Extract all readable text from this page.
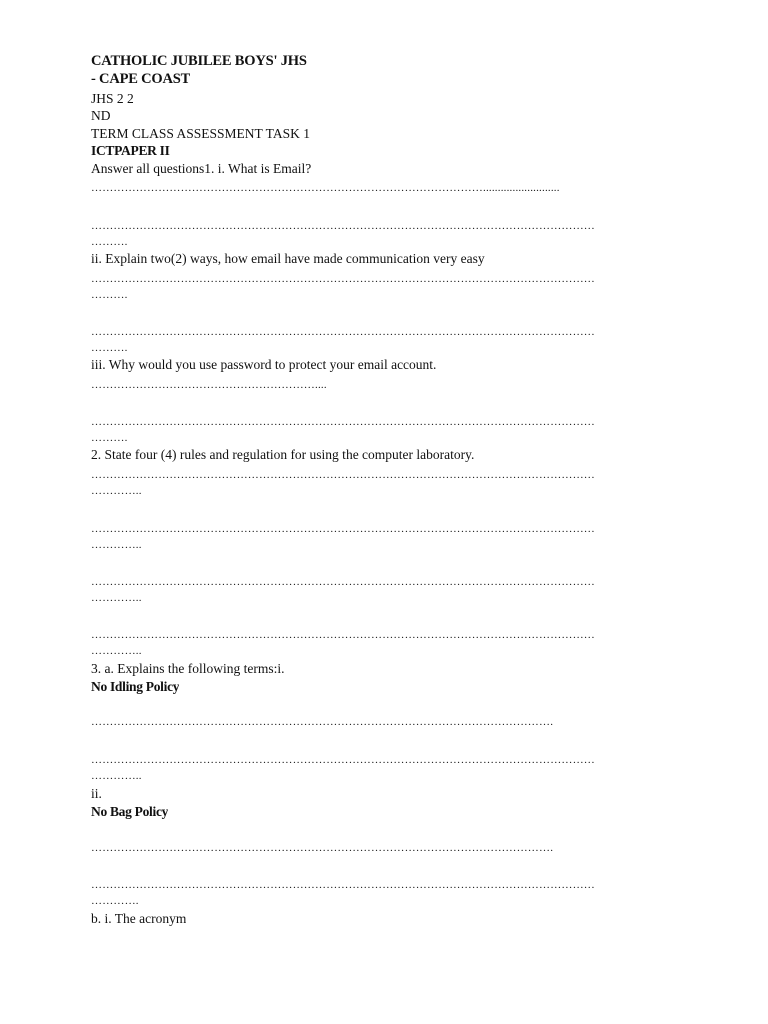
CATHOLIC JUBILEE BOYS' JHS
- CAPE COAST
JHS 2 2
ND
TERM CLASS ASSESSMENT TASK 1
ICTPAPER II
Answer all questions1. i. What is Email?
……………………………………………………………………………………………..........................
………………………………………………………………………………………………………………………
……….
ii. Explain two(2) ways, how email have made communication very easy
………………………………………………………………………………………………………………………
……….
………………………………………………………………………………………………………………………
……….
iii. Why would you use password to protect your email account.
……………………………………………………....
………………………………………………………………………………………………………………………
……….
2. State four (4) rules and regulation for using the computer laboratory.
………………………………………………………………………………………………………………………
…………..
………………………………………………………………………………………………………………………
…………..
………………………………………………………………………………………………………………………
…………..
………………………………………………………………………………………………………………………
…………..
3. a. Explains the following terms:i.
No Idling Policy
…………………………………………………………………………………………………………….
………………………………………………………………………………………………………………………
…………..
ii.
No Bag Policy
…………………………………………………………………………………………………………….
………………………………………………………………………………………………………………………
………….
b. i. The acronym
